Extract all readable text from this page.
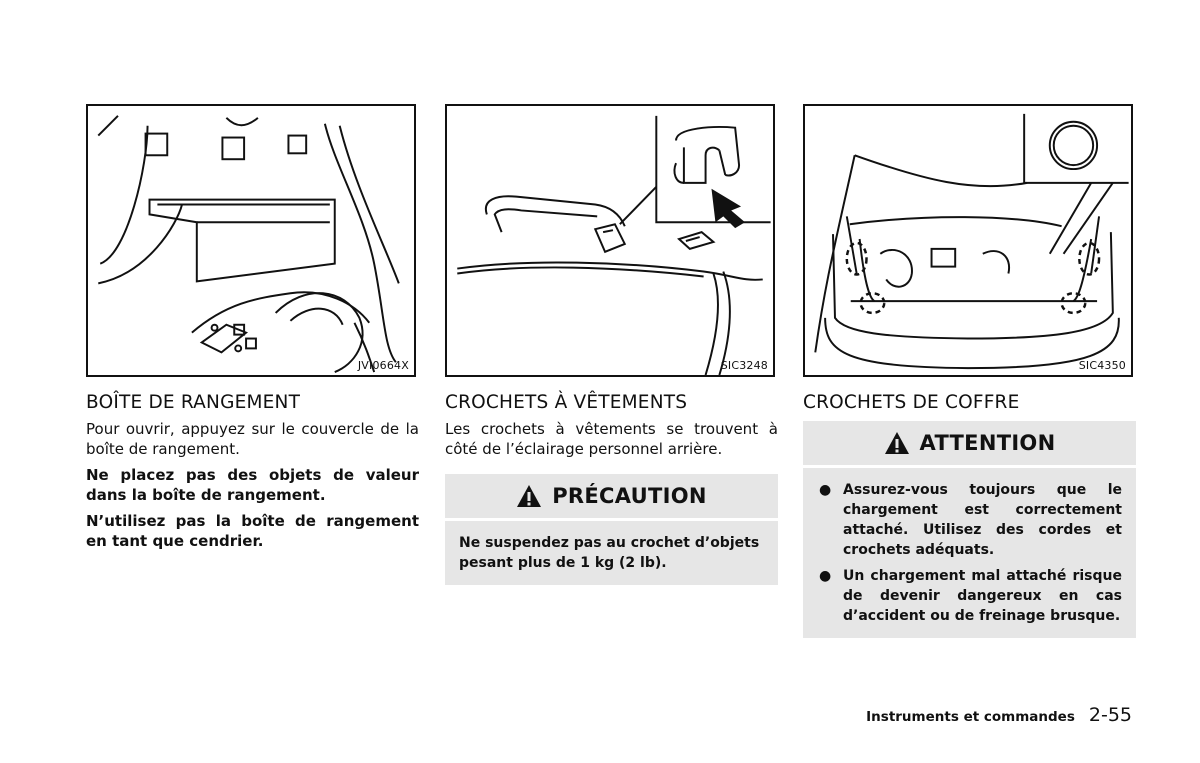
JVI0664X	SIC3248	SIC4350
BOÎTE DE RANGEMENT

Pour ouvrir, appuyez sur le couvercle de la boîte de rangement.

Ne placez pas des objets de valeur dans la boîte de rangement.

N’utilisez pas la boîte de rangement en tant que cendrier.

CROCHETS À VÊTEMENTS

Les crochets à vêtements se trouvent à côté de l’éclairage personnel arrière.

PRÉCAUTION
Ne suspendez pas au crochet d’objets pesant plus de 1 kg (2 lb).
CROCHETS DE COFFRE
ATTENTION
● Assurez-vous toujours que le chargement est correctement attaché. Utilisez des cordes et crochets adéquats.
● Un chargement mal attaché risque de devenir dangereux en cas d’accident ou de freinage brusque.
Instruments et commandes 2-55
